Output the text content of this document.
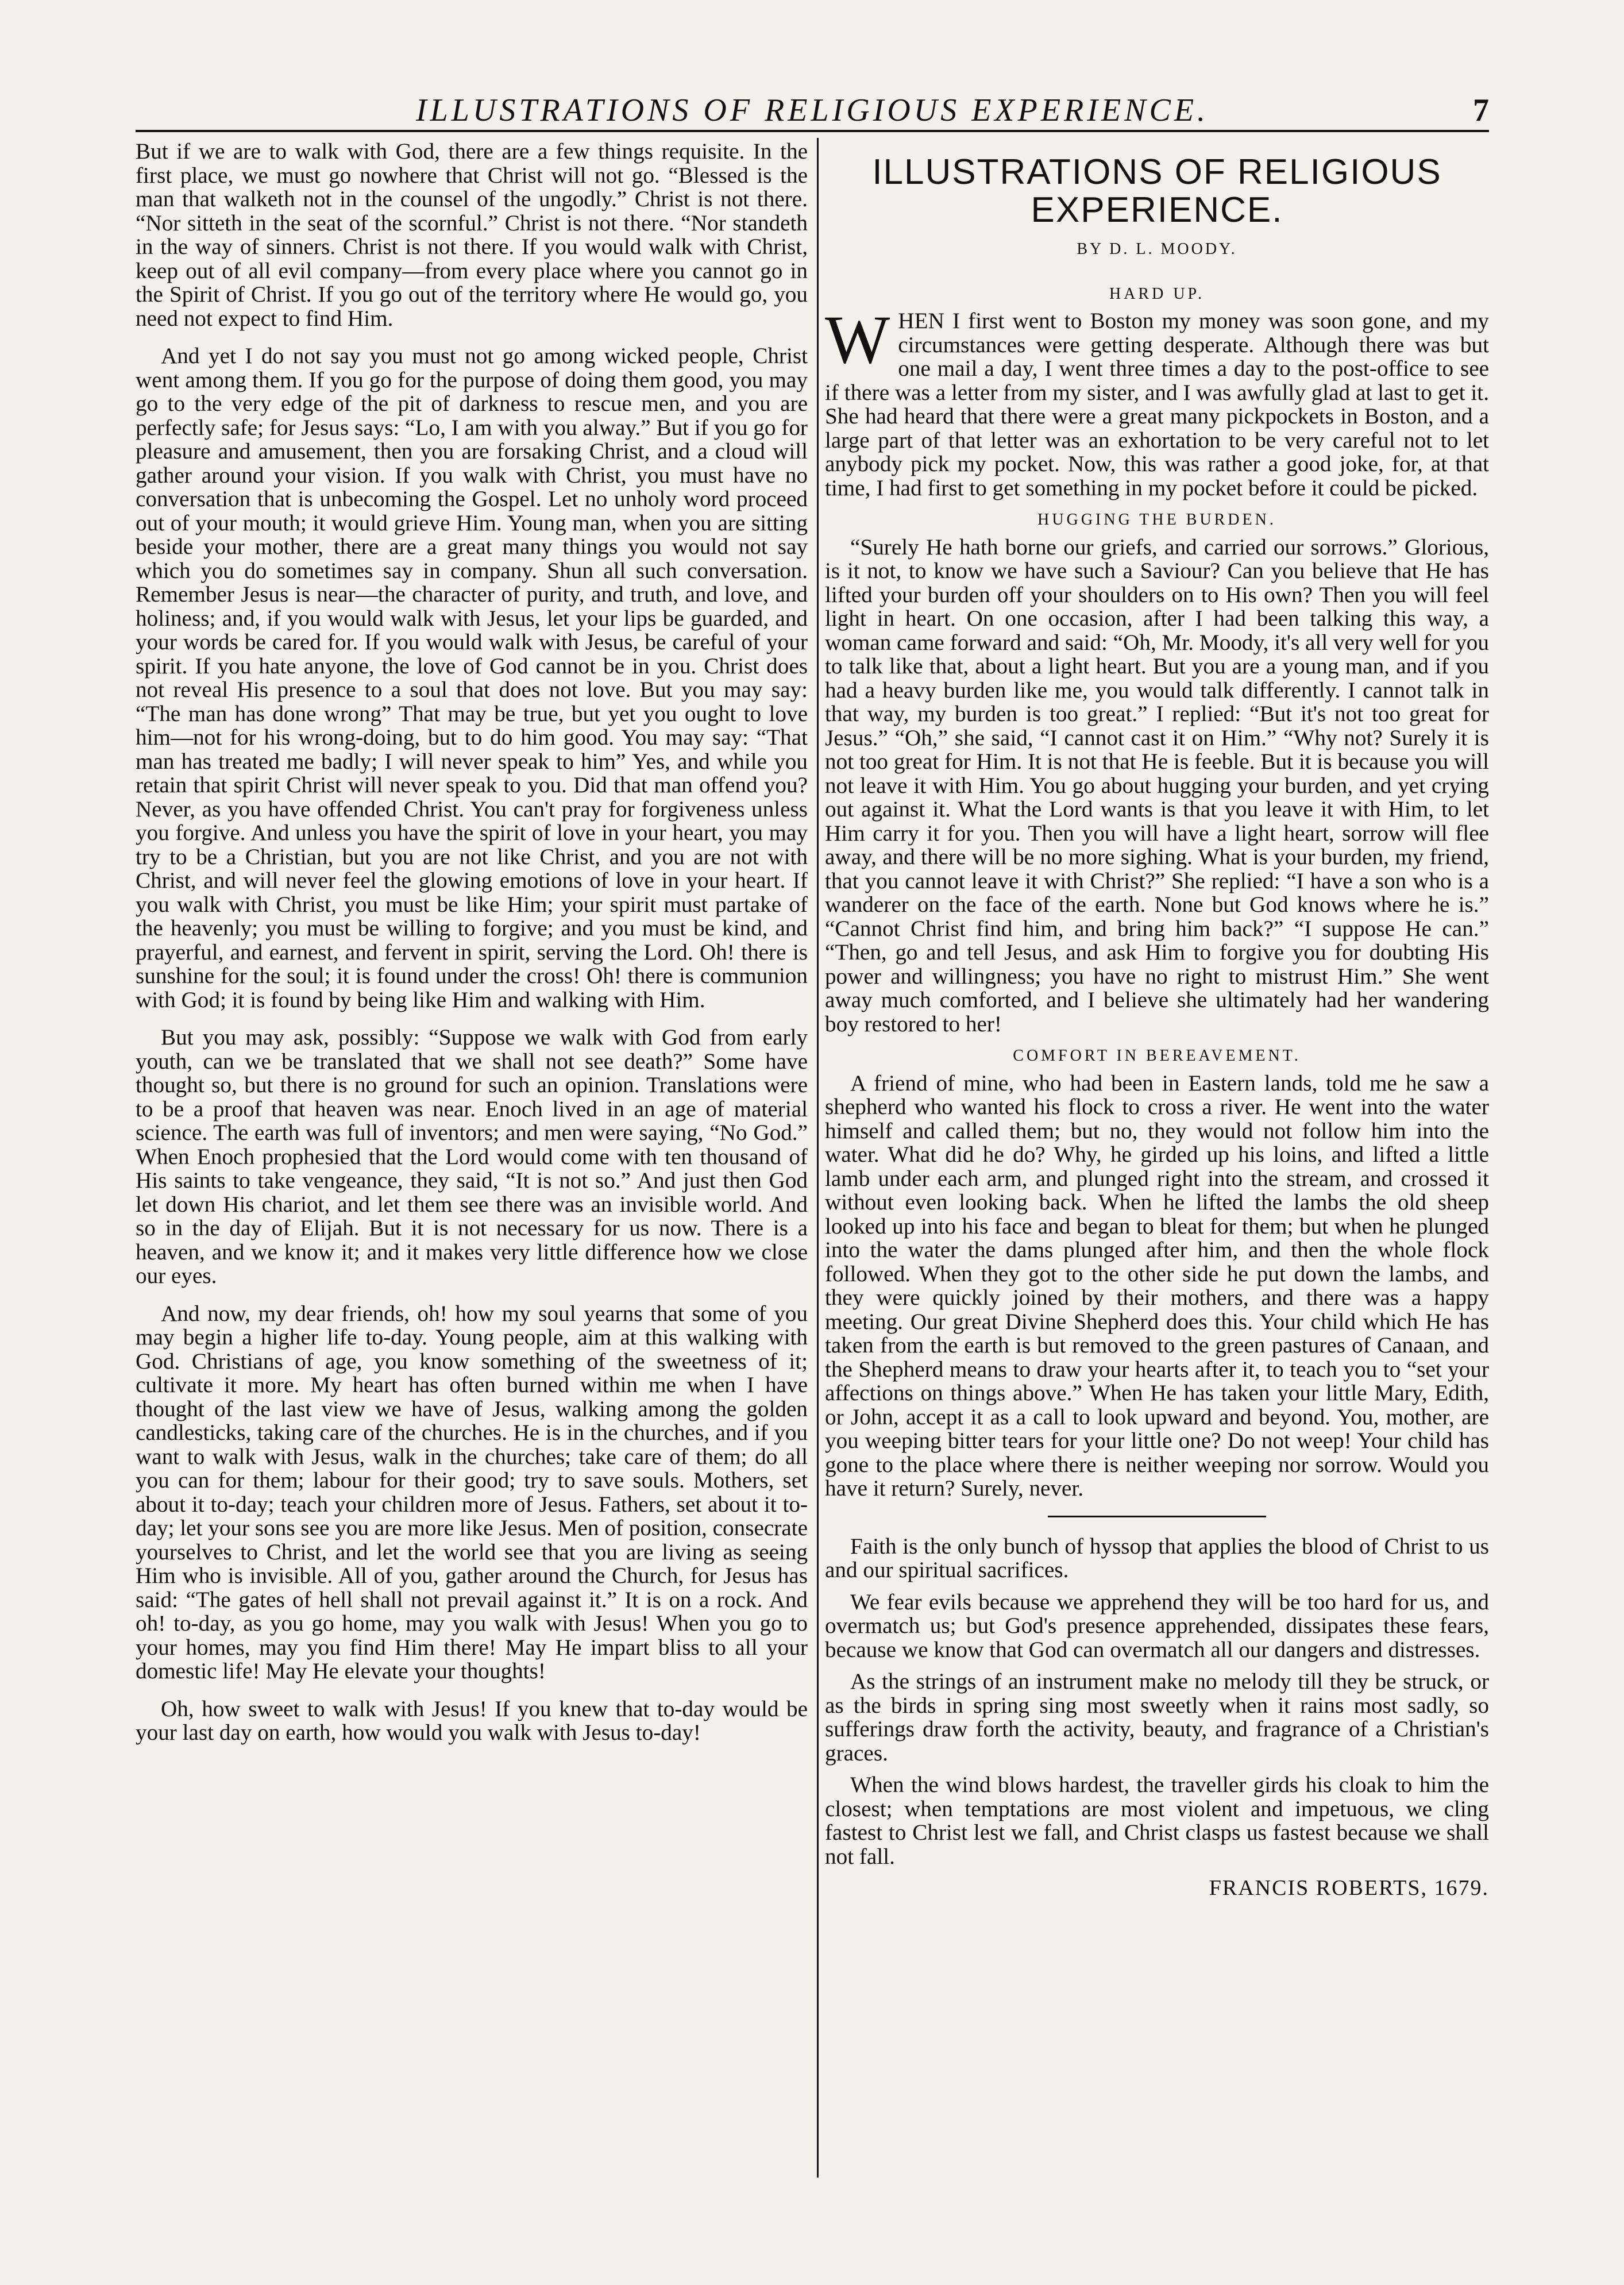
ILLUSTRATIONS OF RELIGIOUS EXPERIENCE.	7

But if we are to walk with God, there are a few things requisite. In the first place, we must go nowhere that Christ will not go. “Blessed is the man that walketh not in the counsel of the ungodly.” Christ is not there. “Nor sitteth in the seat of the scornful.” Christ is not there. “Nor standeth in the way of sinners. Christ is not there. If you would walk with Christ, keep out of all evil company—from every place where you cannot go in the Spirit of Christ. If you go out of the territory where He would go, you need not expect to find Him.

And yet I do not say you must not go among wicked people, Christ went among them. If you go for the purpose of doing them good, you may go to the very edge of the pit of darkness to rescue men, and you are perfectly safe; for Jesus says: “Lo, I am with you alway.” But if you go for pleasure and amusement, then you are forsaking Christ, and a cloud will gather around your vision. If you walk with Christ, you must have no conversation that is unbecoming the Gospel. Let no unholy word proceed out of your mouth; it would grieve Him. Young man, when you are sitting beside your mother, there are a great many things you would not say which you do sometimes say in company. Shun all such conversation. Remember Jesus is near—the character of purity, and truth, and love, and holiness; and, if you would walk with Jesus, let your lips be guarded, and your words be cared for. If you would walk with Jesus, be careful of your spirit. If you hate anyone, the love of God cannot be in you. Christ does not reveal His presence to a soul that does not love. But you may say: “The man has done wrong” That may be true, but yet you ought to love him—not for his wrong-doing, but to do him good. You may say: “That man has treated me badly; I will never speak to him” Yes, and while you retain that spirit Christ will never speak to you. Did that man offend you? Never, as you have offended Christ. You can't pray for forgiveness unless you forgive. And unless you have the spirit of love in your heart, you may try to be a Christian, but you are not like Christ, and you are not with Christ, and will never feel the glowing emotions of love in your heart. If you walk with Christ, you must be like Him; your spirit must partake of the heavenly; you must be willing to forgive; and you must be kind, and prayerful, and earnest, and fervent in spirit, serving the Lord. Oh! there is sunshine for the soul; it is found under the cross! Oh! there is communion with God; it is found by being like Him and walking with Him.

But you may ask, possibly: “Suppose we walk with God from early youth, can we be translated that we shall not see death?” Some have thought so, but there is no ground for such an opinion. Translations were to be a proof that heaven was near. Enoch lived in an age of material science. The earth was full of inventors; and men were saying, “No God.” When Enoch prophesied that the Lord would come with ten thousand of His saints to take vengeance, they said, “It is not so.” And just then God let down His chariot, and let them see there was an invisible world. And so in the day of Elijah. But it is not necessary for us now. There is a heaven, and we know it; and it makes very little difference how we close our eyes.

And now, my dear friends, oh! how my soul yearns that some of you may begin a higher life to-day. Young people, aim at this walking with God. Christians of age, you know something of the sweetness of it; cultivate it more. My heart has often burned within me when I have thought of the last view we have of Jesus, walking among the golden candlesticks, taking care of the churches. He is in the churches, and if you want to walk with Jesus, walk in the churches; take care of them; do all you can for them; labour for their good; try to save souls. Mothers, set about it to-day; teach your children more of Jesus. Fathers, set about it to-day; let your sons see you are more like Jesus. Men of position, consecrate yourselves to Christ, and let the world see that you are living as seeing Him who is invisible. All of you, gather around the Church, for Jesus has said: “The gates of hell shall not prevail against it.” It is on a rock. And oh! to-day, as you go home, may you walk with Jesus! When you go to your homes, may you find Him there! May He impart bliss to all your domestic life! May He elevate your thoughts!

Oh, how sweet to walk with Jesus! If you knew that to-day would be your last day on earth, how would you walk with Jesus to-day!

ILLUSTRATIONS OF RELIGIOUS
EXPERIENCE.
BY D. L. MOODY.
HARD UP.

WHEN I first went to Boston my money was soon gone, and my circumstances were getting desperate. Although there was but one mail a day, I went three times a day to the post-office to see if there was a letter from my sister, and I was awfully glad at last to get it. She had heard that there were a great many pickpockets in Boston, and a large part of that letter was an exhortation to be very careful not to let anybody pick my pocket. Now, this was rather a good joke, for, at that time, I had first to get something in my pocket before it could be picked.

HUGGING THE BURDEN.

“Surely He hath borne our griefs, and carried our sorrows.” Glorious, is it not, to know we have such a Saviour? Can you believe that He has lifted your burden off your shoulders on to His own? Then you will feel light in heart. On one occasion, after I had been talking this way, a woman came forward and said: “Oh, Mr. Moody, it's all very well for you to talk like that, about a light heart. But you are a young man, and if you had a heavy burden like me, you would talk differently. I cannot talk in that way, my burden is too great.” I replied: “But it's not too great for Jesus.” “Oh,” she said, “I cannot cast it on Him.” “Why not? Surely it is not too great for Him. It is not that He is feeble. But it is because you will not leave it with Him. You go about hugging your burden, and yet crying out against it. What the Lord wants is that you leave it with Him, to let Him carry it for you. Then you will have a light heart, sorrow will flee away, and there will be no more sighing. What is your burden, my friend, that you cannot leave it with Christ?” She replied: “I have a son who is a wanderer on the face of the earth. None but God knows where he is.” “Cannot Christ find him, and bring him back?” “I suppose He can.” “Then, go and tell Jesus, and ask Him to forgive you for doubting His power and willingness; you have no right to mistrust Him.” She went away much comforted, and I believe she ultimately had her wandering boy restored to her!

COMFORT IN BEREAVEMENT.

A friend of mine, who had been in Eastern lands, told me he saw a shepherd who wanted his flock to cross a river. He went into the water himself and called them; but no, they would not follow him into the water. What did he do? Why, he girded up his loins, and lifted a little lamb under each arm, and plunged right into the stream, and crossed it without even looking back. When he lifted the lambs the old sheep looked up into his face and began to bleat for them; but when he plunged into the water the dams plunged after him, and then the whole flock followed. When they got to the other side he put down the lambs, and they were quickly joined by their mothers, and there was a happy meeting. Our great Divine Shepherd does this. Your child which He has taken from the earth is but removed to the green pastures of Canaan, and the Shepherd means to draw your hearts after it, to teach you to “set your affections on things above.” When He has taken your little Mary, Edith, or John, accept it as a call to look upward and beyond. You, mother, are you weeping bitter tears for your little one? Do not weep! Your child has gone to the place where there is neither weeping nor sorrow. Would you have it return? Surely, never.

Faith is the only bunch of hyssop that applies the blood of Christ to us and our spiritual sacrifices.

We fear evils because we apprehend they will be too hard for us, and overmatch us; but God's presence apprehended, dissipates these fears, because we know that God can overmatch all our dangers and distresses.

As the strings of an instrument make no melody till they be struck, or as the birds in spring sing most sweetly when it rains most sadly, so sufferings draw forth the activity, beauty, and fragrance of a Christian's graces.

When the wind blows hardest, the traveller girds his cloak to him the closest; when temptations are most violent and impetuous, we cling fastest to Christ lest we fall, and Christ clasps us fastest because we shall not fall.

FRANCIS ROBERTS, 1679.
